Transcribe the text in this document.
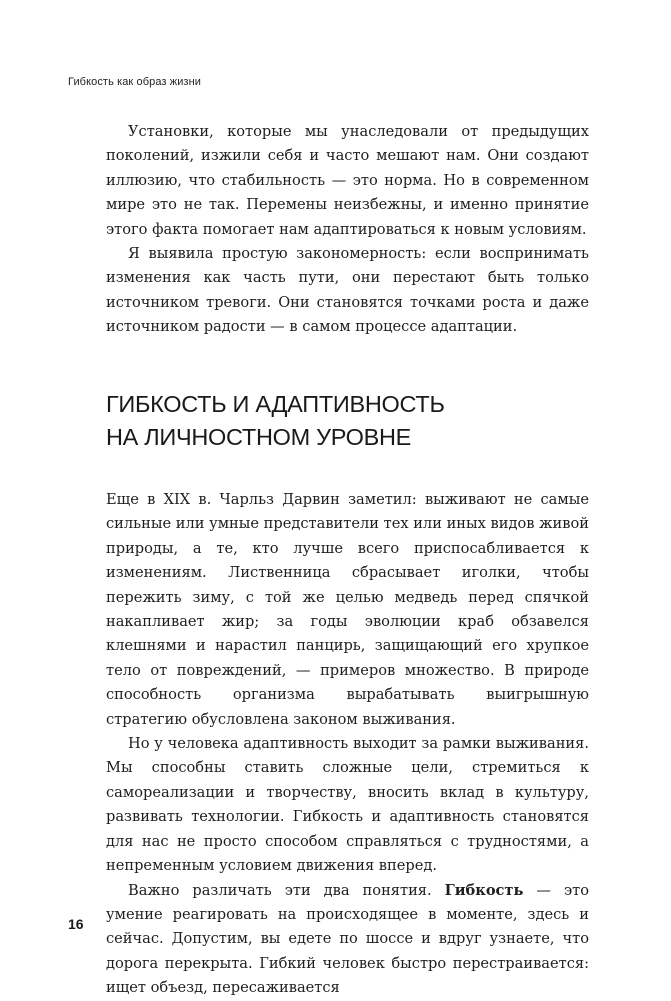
Гибкость как образ жизни

Установки, которые мы унаследовали от предыдущих поколений, изжили себя и часто мешают нам. Они создают иллюзию, что стабильность — это норма. Но в современном мире это не так. Перемены неизбежны, и именно принятие этого факта помогает нам адаптироваться к новым условиям.

Я выявила простую закономерность: если воспринимать изменения как часть пути, они перестают быть только источником тревоги. Они становятся точками роста и даже источником радости — в самом процессе адаптации.

ГИБКОСТЬ И АДАПТИВНОСТЬ
НА ЛИЧНОСТНОМ УРОВНЕ

Еще в XIX в. Чарльз Дарвин заметил: выживают не самые сильные или умные представители тех или иных видов живой природы, а те, кто лучше всего приспосабливается к изменениям. Лиственница сбрасывает иголки, чтобы пережить зиму, с той же целью медведь перед спячкой накапливает жир; за годы эволюции краб обзавелся клешнями и нарастил панцирь, защищающий его хрупкое тело от повреждений, — примеров множество. В природе способность организма вырабатывать выигрышную стратегию обусловлена законом выживания.

Но у человека адаптивность выходит за рамки выживания. Мы способны ставить сложные цели, стремиться к самореализации и творчеству, вносить вклад в культуру, развивать технологии. Гибкость и адаптивность становятся для нас не просто способом справляться с трудностями, а непременным условием движения вперед.

Важно различать эти два понятия. Гибкость — это умение реагировать на происходящее в моменте, здесь и сейчас. Допустим, вы едете по шоссе и вдруг узнаете, что дорога перекрыта. Гибкий человек быстро перестраивается: ищет объезд, пересаживается

16
